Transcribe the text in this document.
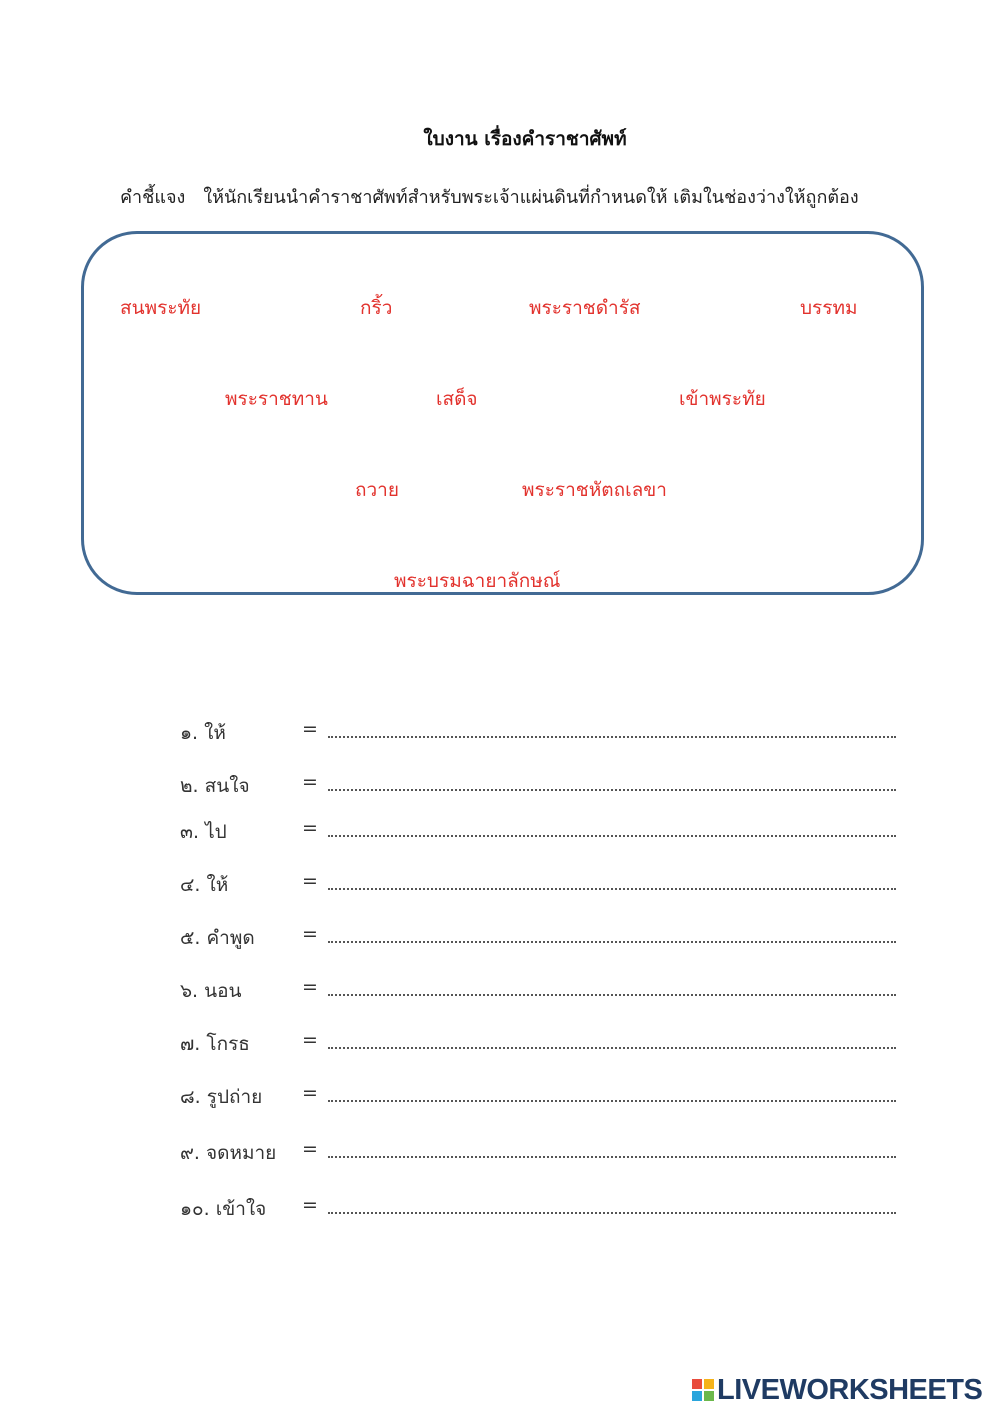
ใบงาน เรื่องคำราชาศัพท์
คำชี้แจง ให้นักเรียนนำคำราชาศัพท์สำหรับพระเจ้าแผ่นดินที่กำหนดให้ เติมในช่องว่างให้ถูกต้อง
สนพระทัย	กริ้ว	พระราชดำรัส	บรรทม
พระราชทาน	เสด็จ	เข้าพระทัย
ถวาย	พระราชหัตถเลขา
พระบรมฉายาลักษณ์
๑. ให้	=
๒. สนใจ	=
๓. ไป	=
๔. ให้	=
๕. คำพูด =
๖. นอน	=
๗. โกรธ	=
๘. รูปถ่าย =
๙. จดหมาย =
๑๐. เข้าใจ =
LIVEWORKSHEETS
